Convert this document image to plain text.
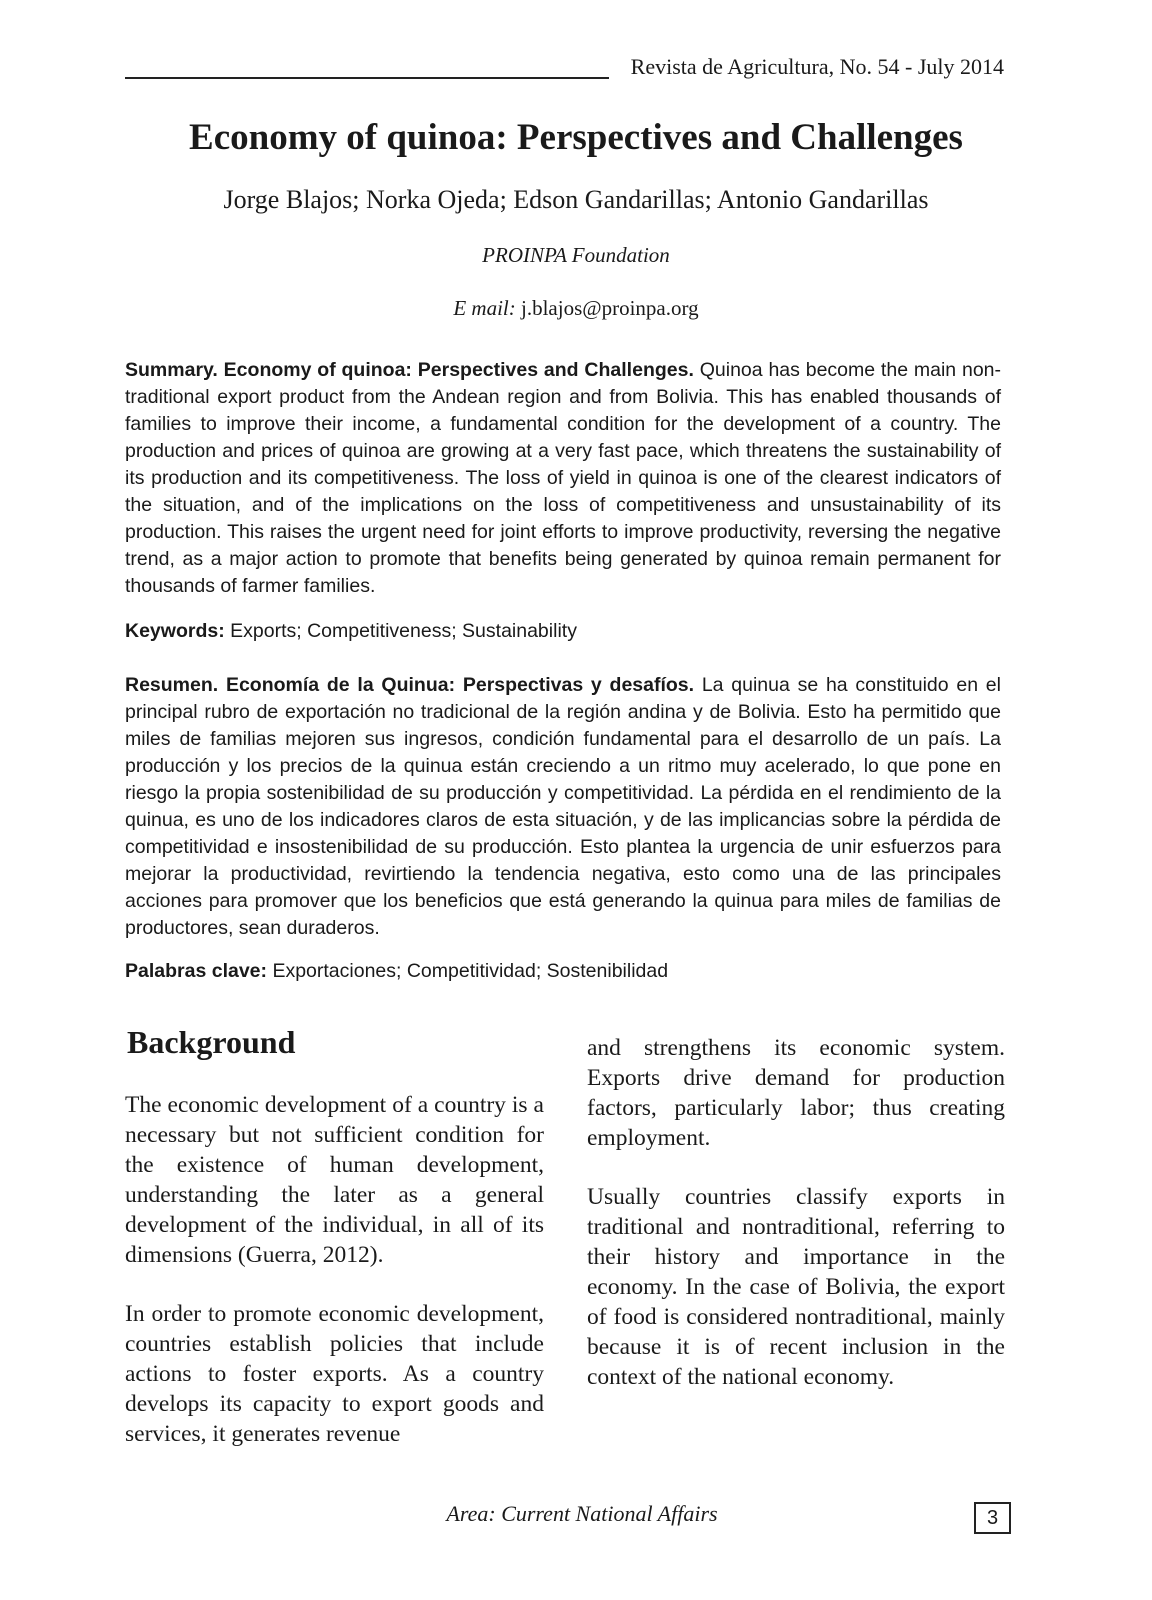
Revista de Agricultura, No. 54 - July 2014
Economy of quinoa: Perspectives and Challenges
Jorge Blajos; Norka Ojeda; Edson Gandarillas; Antonio Gandarillas
PROINPA Foundation
E mail: j.blajos@proinpa.org

Summary. Economy of quinoa: Perspectives and Challenges. Quinoa has become the main non-traditional export product from the Andean region and from Bolivia. This has enabled thousands of families to improve their income, a fundamental condition for the development of a country. The production and prices of quinoa are growing at a very fast pace, which threatens the sustainability of its production and its competitiveness. The loss of yield in quinoa is one of the clearest indicators of the situation, and of the implications on the loss of competitiveness and unsustainability of its production. This raises the urgent need for joint efforts to improve productivity, reversing the negative trend, as a major action to promote that benefits being generated by quinoa remain permanent for thousands of farmer families.

Keywords: Exports; Competitiveness; Sustainability

Resumen. Economía de la Quinua: Perspectivas y desafíos. La quinua se ha constituido en el principal rubro de exportación no tradicional de la región andina y de Bolivia. Esto ha permitido que miles de familias mejoren sus ingresos, condición fundamental para el desarrollo de un país. La producción y los precios de la quinua están creciendo a un ritmo muy acelerado, lo que pone en riesgo la propia sostenibilidad de su producción y competitividad. La pérdida en el rendimiento de la quinua, es uno de los indicadores claros de esta situación, y de las implicancias sobre la pérdida de competitividad e insostenibilidad de su producción. Esto plantea la urgencia de unir esfuerzos para mejorar la productividad, revirtiendo la tendencia negativa, esto como una de las principales acciones para promover que los beneficios que está generando la quinua para miles de familias de productores, sean duraderos.

Palabras clave: Exportaciones; Competitividad; Sostenibilidad

Background

The economic development of a country is a necessary but not sufficient condition for the existence of human development, understanding the later as a general development of the individual, in all of its dimensions (Guerra, 2012).

In order to promote economic development, countries establish policies that include actions to foster exports. As a country develops its capacity to export goods and services, it generates revenue

and strengthens its economic system. Exports drive demand for production factors, particularly labor; thus creating employment.

Usually countries classify exports in traditional and nontraditional, referring to their history and importance in the economy. In the case of Bolivia, the export of food is considered nontraditional, mainly because it is of recent inclusion in the context of the national economy.

Area: Current National Affairs	3
